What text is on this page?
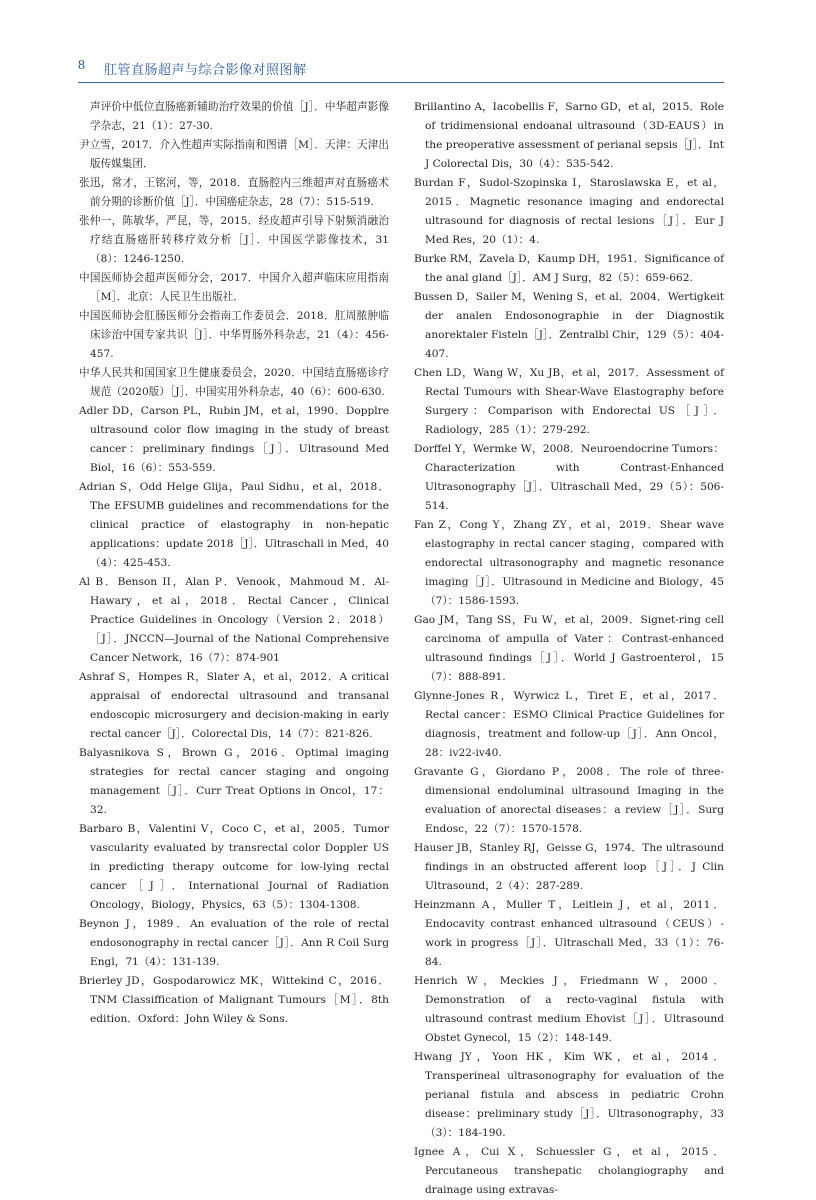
8 肛管直肠超声与综合影像对照图解

声评价中低位直肠癌新辅助治疗效果的价值［J］．中华超声影像学杂志，21（1）：27-30.

尹立雪，2017．介入性超声实际指南和图谱［M］．天津：天津出版传媒集团．

张迅，常才，王铭河，等，2018．直肠腔内三维超声对直肠癌术前分期的诊断价值［J］．中国癌症杂志，28（7）：515-519.

张仲一，陈敏华，严昆，等，2015．经皮超声引导下射频消融治疗结直肠癌肝转移疗效分析［J］．中国医学影像技术，31（8）：1246-1250.

中国医师协会超声医师分会，2017．中国介入超声临床应用指南［M］．北京：人民卫生出版社．

中国医师协会肛肠医师分会指南工作委员会．2018．肛周脓肿临床诊治中国专家共识［J］．中华胃肠外科杂志，21（4）：456-457.

中华人民共和国国家卫生健康委员会，2020．中国结直肠癌诊疗规范（2020版）［J］．中国实用外科杂志，40（6）：600-630.

Adler DD，Carson PL，Rubin JM，et al，1990．Dopplre ultrasound color flow imaging in the study of breast cancer：preliminary findings［J］．Ultrasound Med Biol，16（6）：553-559.

Adrian S，Odd Helge Glija，Paul Sidhu，et al，2018．The EFSUMB guidelines and recommendations for the clinical practice of elastography in non-hepatic applications：update 2018［J］．Ultraschall in Med，40（4）：425-453.

Al B．Benson II，Alan P．Venook，Mahmoud M．Al-Hawary，et al，2018．Rectal Cancer，Clinical Practice Guidelines in Oncology（Version 2．2018）［J］．JNCCN—Journal of the National Comprehensive Cancer Network，16（7）：874-901

Ashraf S，Hompes R，Slater A，et al，2012．A critical appraisal of endorectal ultrasound and transanal endoscopic microsurgery and decision-making in early rectal cancer［J］．Colorectal Dis，14（7）：821-826.

Balyasnikova S，Brown G，2016．Optimal imaging strategies for rectal cancer staging and ongoing management［J］．Curr Treat Options in Oncol，17：32.

Barbaro B，Valentini V，Coco C，et al，2005．Tumor vascularity evaluated by transrectal color Doppler US in predicting therapy outcome for low-lying rectal cancer［J］．International Journal of Radiation Oncology，Biology，Physics，63（5）：1304-1308.

Beynon J，1989．An evaluation of the role of rectal endosonography in rectal cancer［J］．Ann R Coil Surg Engl，71（4）：131-139.

Brierley JD，Gospodarowicz MK，Wittekind C，2016．TNM Classiffication of Malignant Tumours［M］．8th edition．Oxford：John Wiley & Sons.

Brillantino A，Iacobellis F，Sarno GD，et al，2015．Role of tridimensional endoanal ultrasound（3D-EAUS）in the preoperative assessment of perianal sepsis［J］．Int J Colorectal Dis，30（4）：535-542.

Burdan F，Sudol-Szopinska I，Staroslawska E，et al，2015．Magnetic resonance imaging and endorectal ultrasound for diagnosis of rectal lesions［J］．Eur J Med Res，20（1）：4.

Burke RM，Zavela D，Kaump DH，1951．Significance of the anal gland［J］．AM J Surg，82（5）：659-662.

Bussen D，Sailer M，Wening S，et al．2004．Wertigkeit der analen Endosonographie in der Diagnostik anorektaler Fisteln［J］．Zentralbl Chir，129（5）：404-407.

Chen LD，Wang W，Xu JB，et al，2017．Assessment of Rectal Tumours with Shear-Wave Elastography before Surgery：Comparison with Endorectal US［J］．Radiology，285（1）：279-292.

Dorffel Y，Wermke W，2008．Neuroendocrine Tumors：Characterization with Contrast-Enhanced Ultrasonography［J］．Ultraschall Med，29（5）：506-514.

Fan Z，Cong Y，Zhang ZY，et al，2019．Shear wave elastography in rectal cancer staging，compared with endorectal ultrasonography and magnetic resonance imaging［J］．Ultrasound in Medicine and Biology，45（7）：1586-1593.

Gao JM，Tang SS，Fu W，et al，2009．Signet-ring cell carcinoma of ampulla of Vater：Contrast-enhanced ultrasound findings［J］．World J Gastroenterol，15（7）：888-891.

Glynne-Jones R，Wyrwicz L，Tiret E，et al，2017．Rectal cancer：ESMO Clinical Practice Guidelines for diagnosis，treatment and follow-up［J］．Ann Oncol，28：iv22-iv40.

Gravante G，Giordano P，2008．The role of three-dimensional endoluminal ultrasound Imaging in the evaluation of anorectal diseases：a review［J］．Surg Endosc，22（7）：1570-1578.

Hauser JB，Stanley RJ，Geisse G，1974．The ultrasound findings in an obstructed afferent loop［J］．J Clin Ultrasound，2（4）：287-289.

Heinzmann A，Muller T，Leitlein J，et al，2011．Endocavity contrast enhanced ultrasound（CEUS）-work in progress［J］．Ultraschall Med，33（1）：76-84.

Henrich W，Meckies J，Friedmann W，2000．Demonstration of a recto-vaginal fistula with ultrasound contrast medium Ehovist［J］．Ultrasound Obstet Gynecol，15（2）：148-149.

Hwang JY，Yoon HK，Kim WK，et al，2014．Transperineal ultrasonography for evaluation of the perianal fistula and abscess in pediatric Crohn disease：preliminary study［J］．Ultrasonography，33（3）：184-190.

Ignee A，Cui X，Schuessler G，et al，2015．Percutaneous transhepatic cholangiography and drainage using extravas-
